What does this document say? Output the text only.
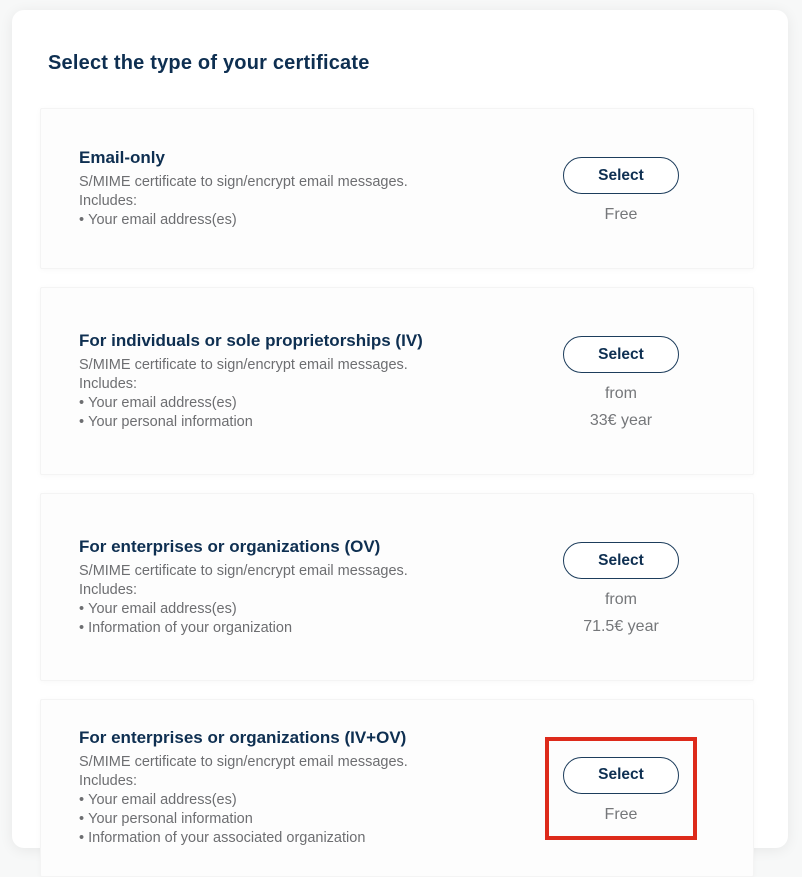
Select the type of your certificate
Email-only
S/MIME certificate to sign/encrypt email messages.
Includes:
• Your email address(es)
Select
Free
For individuals or sole proprietorships (IV)
S/MIME certificate to sign/encrypt email messages.
Includes:
• Your email address(es)
• Your personal information
Select
from
33€ year
For enterprises or organizations (OV)
S/MIME certificate to sign/encrypt email messages.
Includes:
• Your email address(es)
• Information of your organization
Select
from
71.5€ year
For enterprises or organizations (IV+OV)
S/MIME certificate to sign/encrypt email messages.
Includes:
• Your email address(es)
• Your personal information
• Information of your associated organization
Select
Free
